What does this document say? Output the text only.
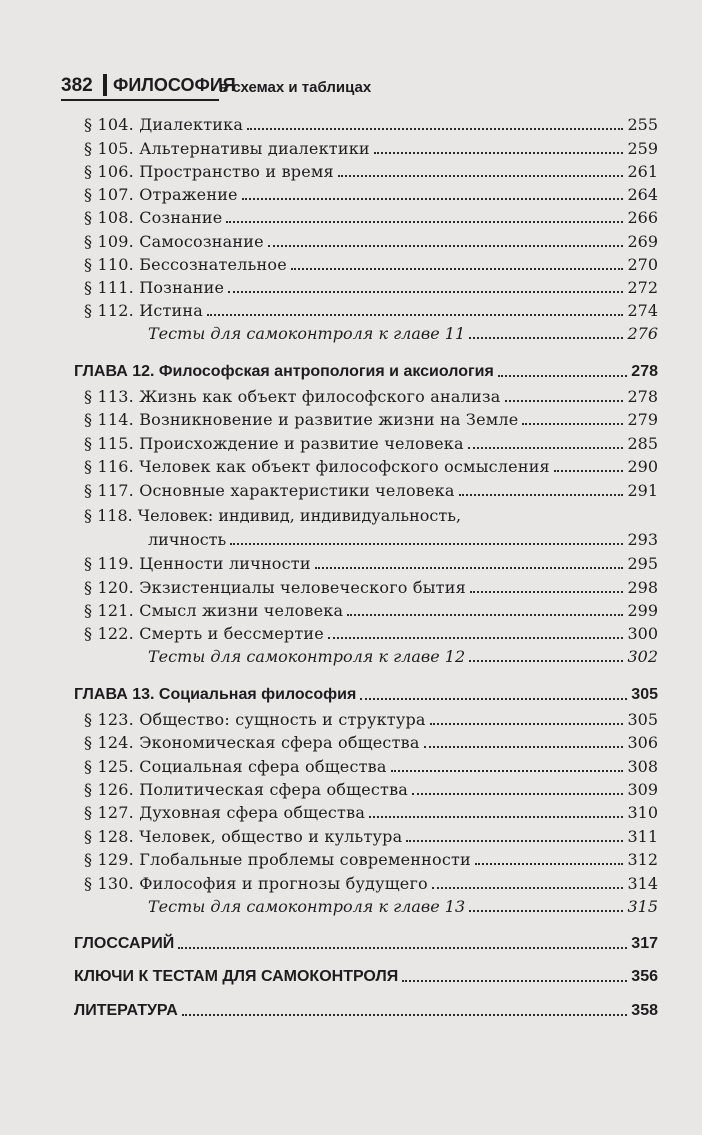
382 ФИЛОСОФИЯ
в схемах и таблицах
§ 104. Диалектика	255
§ 105. Альтернативы диалектики	259
§ 106. Пространство и время	261
§ 107. Отражение	264
§ 108. Сознание	266
§ 109. Самосознание	269
§ 110. Бессознательное	270
§ 111. Познание	272
§ 112. Истина	274
Тесты для самоконтроля к главе 11	276
ГЛАВА 12. Философская антропология и аксиология	278
§ 113. Жизнь как объект философского анализа	278
§ 114. Возникновение и развитие жизни на Земле	279
§ 115. Происхождение и развитие человека	285
§ 116. Человек как объект философского осмысления	290
§ 117. Основные характеристики человека	291
§ 118. Человек: индивид, индивидуальность,
личность	293
§ 119. Ценности личности	295
§ 120. Экзистенциалы человеческого бытия	298
§ 121. Смысл жизни человека	299
§ 122. Смерть и бессмертие	300
Тесты для самоконтроля к главе 12	302
ГЛАВА 13. Социальная философия	305
§ 123. Общество: сущность и структура	305
§ 124. Экономическая сфера общества	306
§ 125. Социальная сфера общества	308
§ 126. Политическая сфера общества	309
§ 127. Духовная сфера общества	310
§ 128. Человек, общество и культура	311
§ 129. Глобальные проблемы современности	312
§ 130. Философия и прогнозы будущего	314
Тесты для самоконтроля к главе 13	315
ГЛОССАРИЙ	317
КЛЮЧИ К ТЕСТАМ ДЛЯ САМОКОНТРОЛЯ	356
ЛИТЕРАТУРА	358
